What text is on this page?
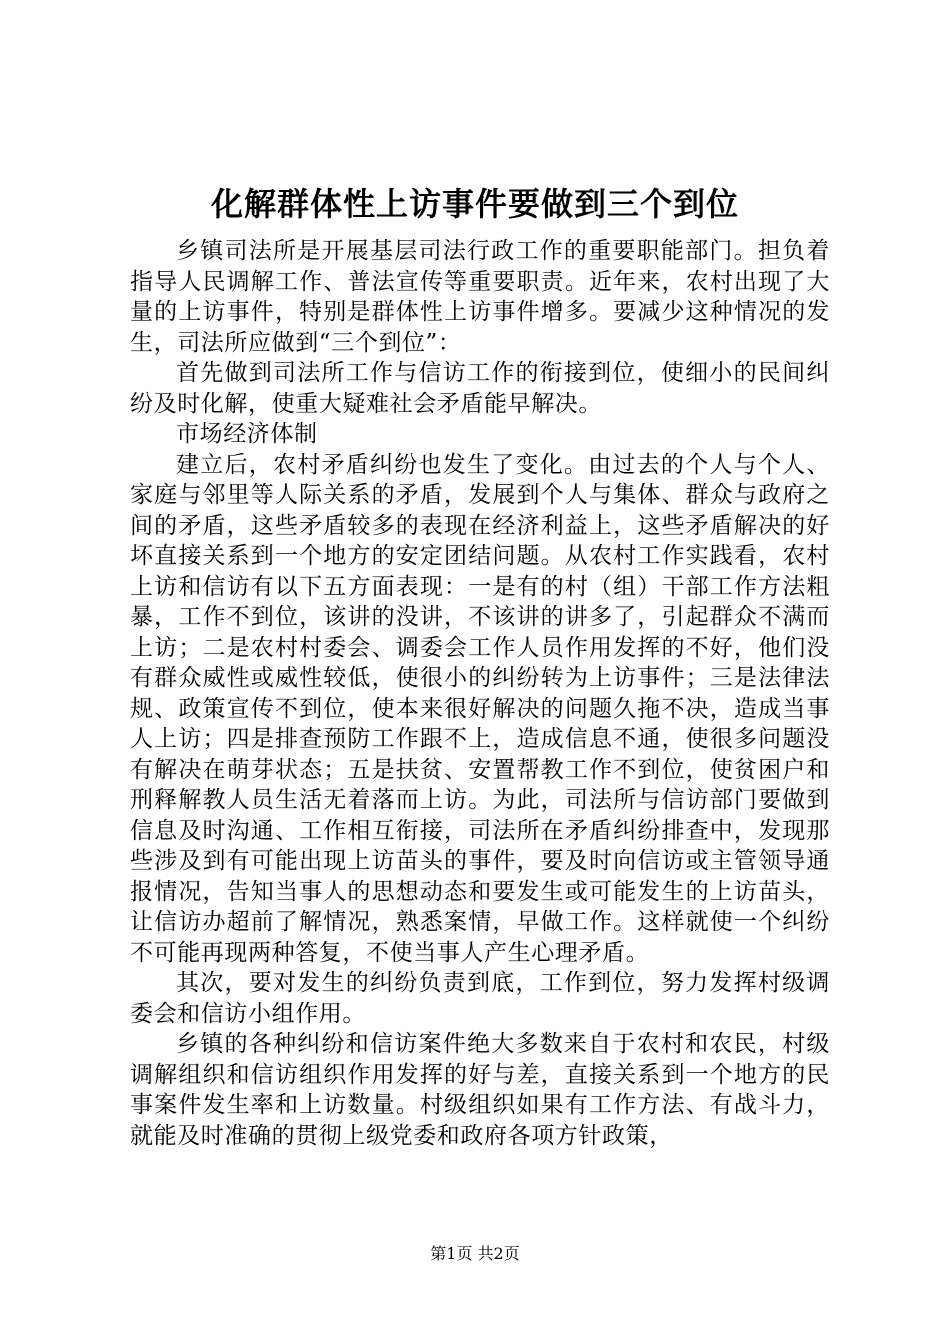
化解群体性上访事件要做到三个到位

乡镇司法所是开展基层司法行政工作的重要职能部门。担负着指导人民调解工作、普法宣传等重要职责。近年来，农村出现了大量的上访事件，特别是群体性上访事件增多。要减少这种情况的发生，司法所应做到“三个到位”：

首先做到司法所工作与信访工作的衔接到位，使细小的民间纠纷及时化解，使重大疑难社会矛盾能早解决。

市场经济体制

建立后，农村矛盾纠纷也发生了变化。由过去的个人与个人、家庭与邻里等人际关系的矛盾，发展到个人与集体、群众与政府之间的矛盾，这些矛盾较多的表现在经济利益上，这些矛盾解决的好坏直接关系到一个地方的安定团结问题。从农村工作实践看，农村上访和信访有以下五方面表现：一是有的村（组）干部工作方法粗暴，工作不到位，该讲的没讲，不该讲的讲多了，引起群众不满而上访；二是农村村委会、调委会工作人员作用发挥的不好，他们没有群众威性或威性较低，使很小的纠纷转为上访事件；三是法律法规、政策宣传不到位，使本来很好解决的问题久拖不决，造成当事人上访；四是排查预防工作跟不上，造成信息不通，使很多问题没有解决在萌芽状态；五是扶贫、安置帮教工作不到位，使贫困户和刑释解教人员生活无着落而上访。为此，司法所与信访部门要做到信息及时沟通、工作相互衔接，司法所在矛盾纠纷排查中，发现那些涉及到有可能出现上访苗头的事件，要及时向信访或主管领导通报情况，告知当事人的思想动态和要发生或可能发生的上访苗头，让信访办超前了解情况，熟悉案情，早做工作。这样就使一个纠纷不可能再现两种答复，不使当事人产生心理矛盾。

其次，要对发生的纠纷负责到底，工作到位，努力发挥村级调委会和信访小组作用。

乡镇的各种纠纷和信访案件绝大多数来自于农村和农民，村级调解组织和信访组织作用发挥的好与差，直接关系到一个地方的民事案件发生率和上访数量。村级组织如果有工作方法、有战斗力，就能及时准确的贯彻上级党委和政府各项方针政策，

第1页 共2页
